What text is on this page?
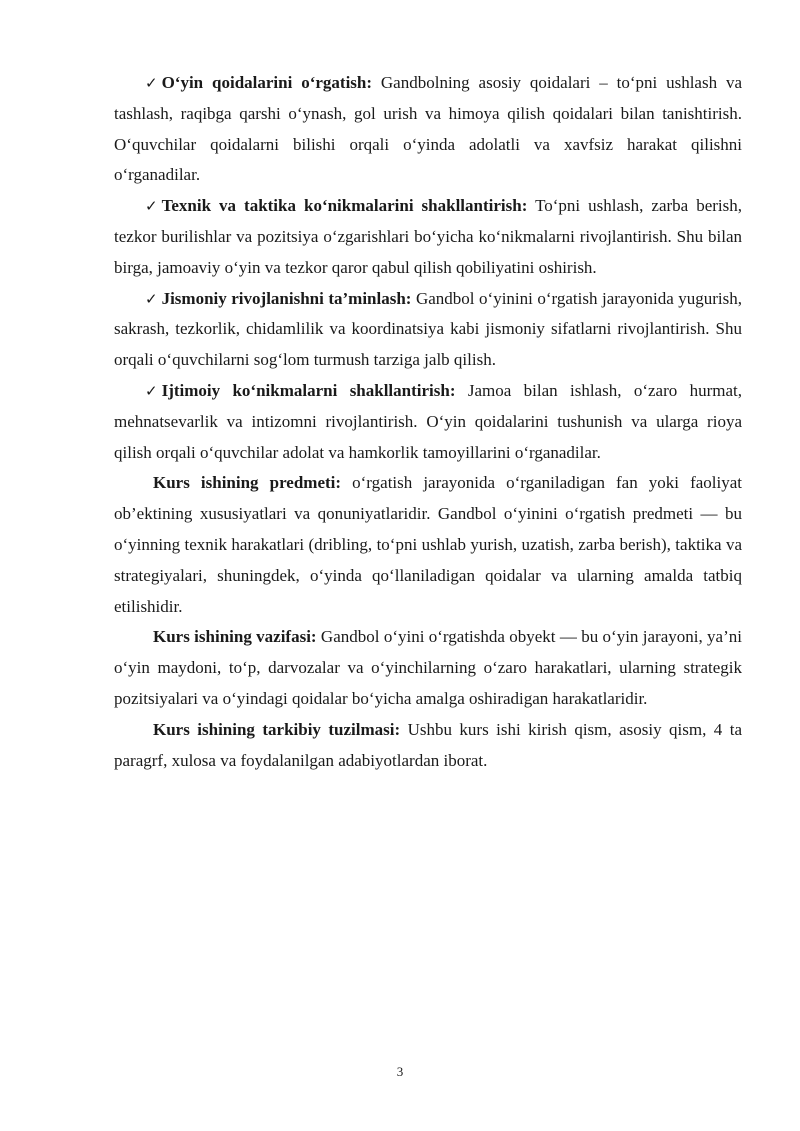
✓ O‘yin qoidalarini o‘rgatish: Gandbolning asosiy qoidalari – to‘pni ushlash va tashlash, raqibga qarshi o‘ynash, gol urish va himoya qilish qoidalari bilan tanishtirish. O‘quvchilar qoidalarni bilishi orqali o‘yinda adolatli va xavfsiz harakat qilishni o‘rganadilar.

✓ Texnik va taktika ko‘nikmalarini shakllantirish: To‘pni ushlash, zarba berish, tezkor burilishlar va pozitsiya o‘zgarishlari bo‘yicha ko‘nikmalarni rivojlantirish. Shu bilan birga, jamoaviy o‘yin va tezkor qaror qabul qilish qobiliyatini oshirish.

✓ Jismoniy rivojlanishni ta’minlash: Gandbol o‘yinini o‘rgatish jarayonida yugurish, sakrash, tezkorlik, chidamlilik va koordinatsiya kabi jismoniy sifatlarni rivojlantirish. Shu orqali o‘quvchilarni sog‘lom turmush tarziga jalb qilish.

✓ Ijtimoiy ko‘nikmalarni shakllantirish: Jamoa bilan ishlash, o‘zaro hurmat, mehnatsevarlik va intizomni rivojlantirish. O‘yin qoidalarini tushunish va ularga rioya qilish orqali o‘quvchilar adolat va hamkorlik tamoyillarini o‘rganadilar.

Kurs ishining predmeti: o‘rgatish jarayonida o‘rganiladigan fan yoki faoliyat ob’ektining xususiyatlari va qonuniyatlaridir. Gandbol o‘yinini o‘rgatish predmeti — bu o‘yinning texnik harakatlari (dribling, to‘pni ushlab yurish, uzatish, zarba berish), taktika va strategiyalari, shuningdek, o‘yinda qo‘llaniladigan qoidalar va ularning amalda tatbiq etilishidir.

Kurs ishining vazifasi: Gandbol o‘yini o‘rgatishda obyekt — bu o‘yin jarayoni, ya’ni o‘yin maydoni, to‘p, darvozalar va o‘yinchilarning o‘zaro harakatlari, ularning strategik pozitsiyalari va o‘yindagi qoidalar bo‘yicha amalga oshiradigan harakatlaridir.

Kurs ishining tarkibiy tuzilmasi: Ushbu kurs ishi kirish qism, asosiy qism, 4 ta paragrf, xulosa va foydalanilgan adabiyotlardan iborat.

3
